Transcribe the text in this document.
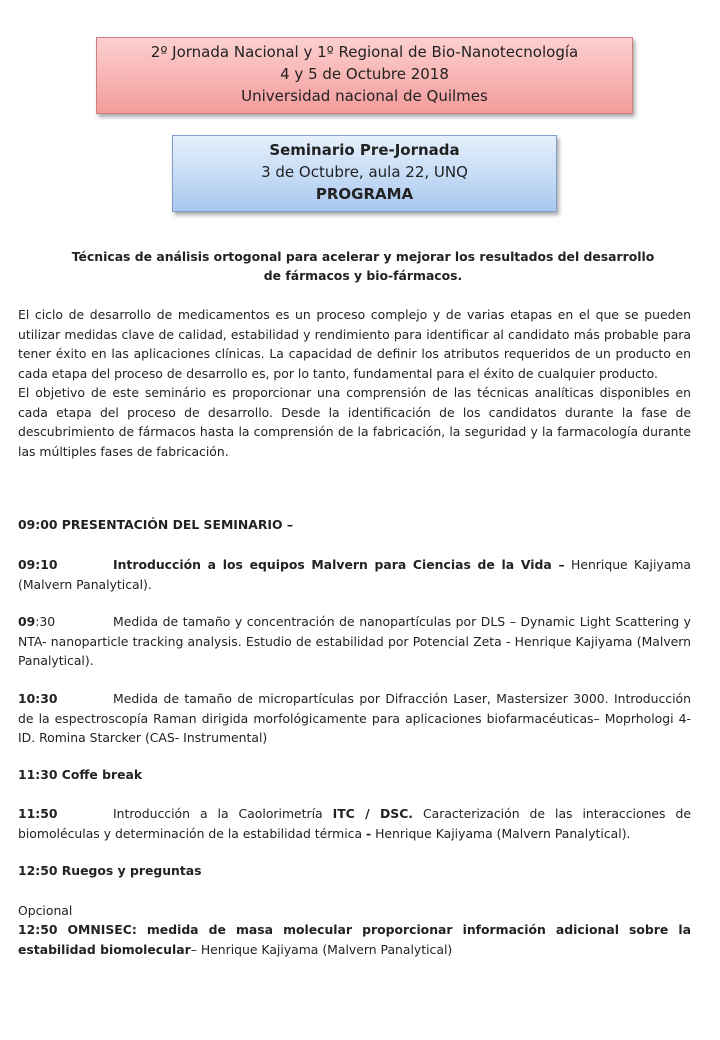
2º Jornada Nacional y 1º Regional de Bio-Nanotecnología
4 y 5 de Octubre 2018
Universidad nacional de Quilmes
Seminario Pre-Jornada
3 de Octubre, aula 22, UNQ
PROGRAMA
Técnicas de análisis ortogonal para acelerar y mejorar los resultados del desarrollo
de fármacos y bio-fármacos.
El ciclo de desarrollo de medicamentos es un proceso complejo y de varias etapas en el que se pueden utilizar medidas clave de calidad, estabilidad y rendimiento para identificar al candidato más probable para tener éxito en las aplicaciones clínicas. La capacidad de definir los atributos requeridos de un producto en cada etapa del proceso de desarrollo es, por lo tanto, fundamental para el éxito de cualquier producto.
El objetivo de este seminário es proporcionar una comprensión de las técnicas analíticas disponibles en cada etapa del proceso de desarrollo. Desde la identificación de los candidatos durante la fase de descubrimiento de fármacos hasta la comprensión de la fabricación, la seguridad y la farmacología durante las múltiples fases de fabricación.
09:00 PRESENTACIÓN DEL SEMINARIO –
09:10	Introducción a los equipos Malvern para Ciencias de la Vida – Henrique Kajiyama (Malvern Panalytical).
09:30	Medida de tamaño y concentración de nanopartículas por DLS – Dynamic Light Scattering y NTA- nanoparticle tracking analysis. Estudio de estabilidad por Potencial Zeta - Henrique Kajiyama (Malvern Panalytical).
10:30	Medida de tamaño de micropartículas por Difracción Laser, Mastersizer 3000. Introducción de la espectroscopía Raman dirigida morfológicamente para aplicaciones biofarmacéuticas– Moprhologi 4-ID. Romina Starcker (CAS- Instrumental)
11:30 Coffe break
11:50	Introducción a la Caolorimetría ITC / DSC. Caracterización de las interacciones de biomoléculas y determinación de la estabilidad térmica - Henrique Kajiyama (Malvern Panalytical).
12:50 Ruegos y preguntas
Opcional
12:50 OMNISEC: medida de masa molecular proporcionar información adicional sobre la estabilidad biomolecular– Henrique Kajiyama (Malvern Panalytical)
